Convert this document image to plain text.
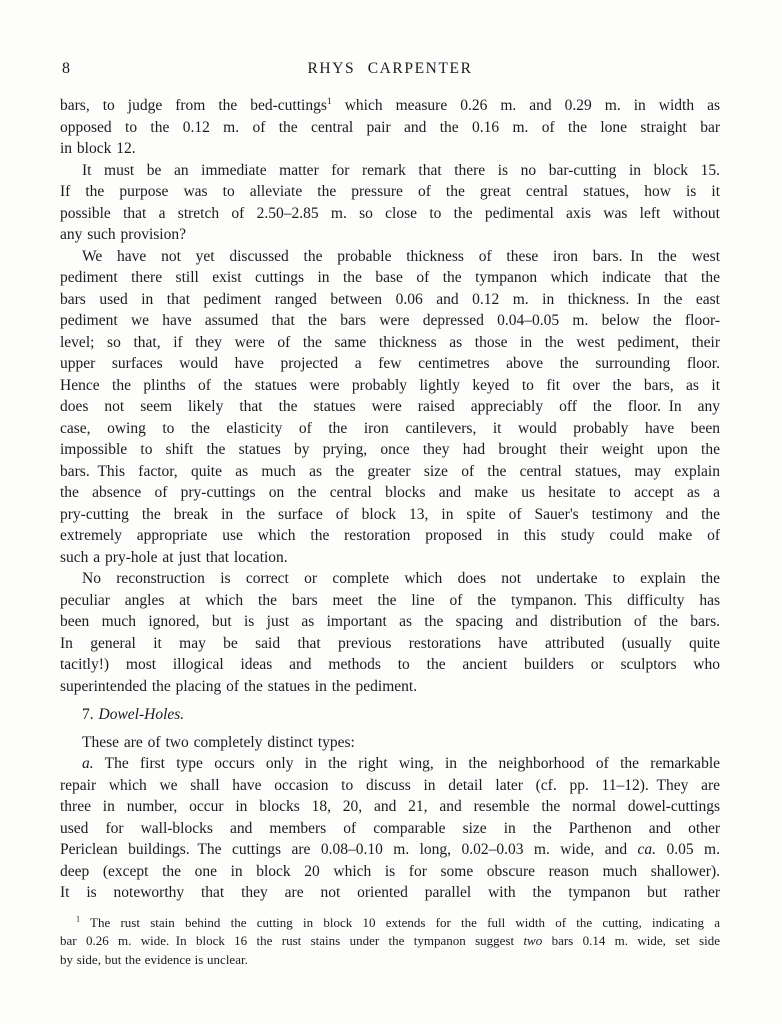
8	RHYS CARPENTER
bars, to judge from the bed-cuttings$^1$ which measure 0.26 m. and 0.29 m. in width as
opposed to the 0.12 m. of the central pair and the 0.16 m. of the lone straight bar
in block 12.
It must be an immediate matter for remark that there is no bar-cutting in block 15.
If the purpose was to alleviate the pressure of the great central statues, how is it
possible that a stretch of 2.50–2.85 m. so close to the pedimental axis was left without
any such provision?
We have not yet discussed the probable thickness of these iron bars. In the west
pediment there still exist cuttings in the base of the tympanon which indicate that the
bars used in that pediment ranged between 0.06 and 0.12 m. in thickness. In the east
pediment we have assumed that the bars were depressed 0.04–0.05 m. below the floor-
level; so that, if they were of the same thickness as those in the west pediment, their
upper surfaces would have projected a few centimetres above the surrounding floor.
Hence the plinths of the statues were probably lightly keyed to fit over the bars, as it
does not seem likely that the statues were raised appreciably off the floor. In any
case, owing to the elasticity of the iron cantilevers, it would probably have been
impossible to shift the statues by prying, once they had brought their weight upon the
bars. This factor, quite as much as the greater size of the central statues, may explain
the absence of pry-cuttings on the central blocks and make us hesitate to accept as a
pry-cutting the break in the surface of block 13, in spite of Sauer's testimony and the
extremely appropriate use which the restoration proposed in this study could make of
such a pry-hole at just that location.
No reconstruction is correct or complete which does not undertake to explain the
peculiar angles at which the bars meet the line of the tympanon. This difficulty has
been much ignored, but is just as important as the spacing and distribution of the bars.
In general it may be said that previous restorations have attributed (usually quite
tacitly!) most illogical ideas and methods to the ancient builders or sculptors who
superintended the placing of the statues in the pediment.
7. Dowel-Holes.
These are of two completely distinct types:
a. The first type occurs only in the right wing, in the neighborhood of the remarkable
repair which we shall have occasion to discuss in detail later (cf. pp. 11–12). They are
three in number, occur in blocks 18, 20, and 21, and resemble the normal dowel-cuttings
used for wall-blocks and members of comparable size in the Parthenon and other
Periclean buildings. The cuttings are 0.08–0.10 m. long, 0.02–0.03 m. wide, and ca. 0.05 m.
deep (except the one in block 20 which is for some obscure reason much shallower).
It is noteworthy that they are not oriented parallel with the tympanon but rather
$^1$ The rust stain behind the cutting in block 10 extends for the full width of the cutting, indicating a
bar 0.26 m. wide. In block 16 the rust stains under the tympanon suggest two bars 0.14 m. wide, set side
by side, but the evidence is unclear.
